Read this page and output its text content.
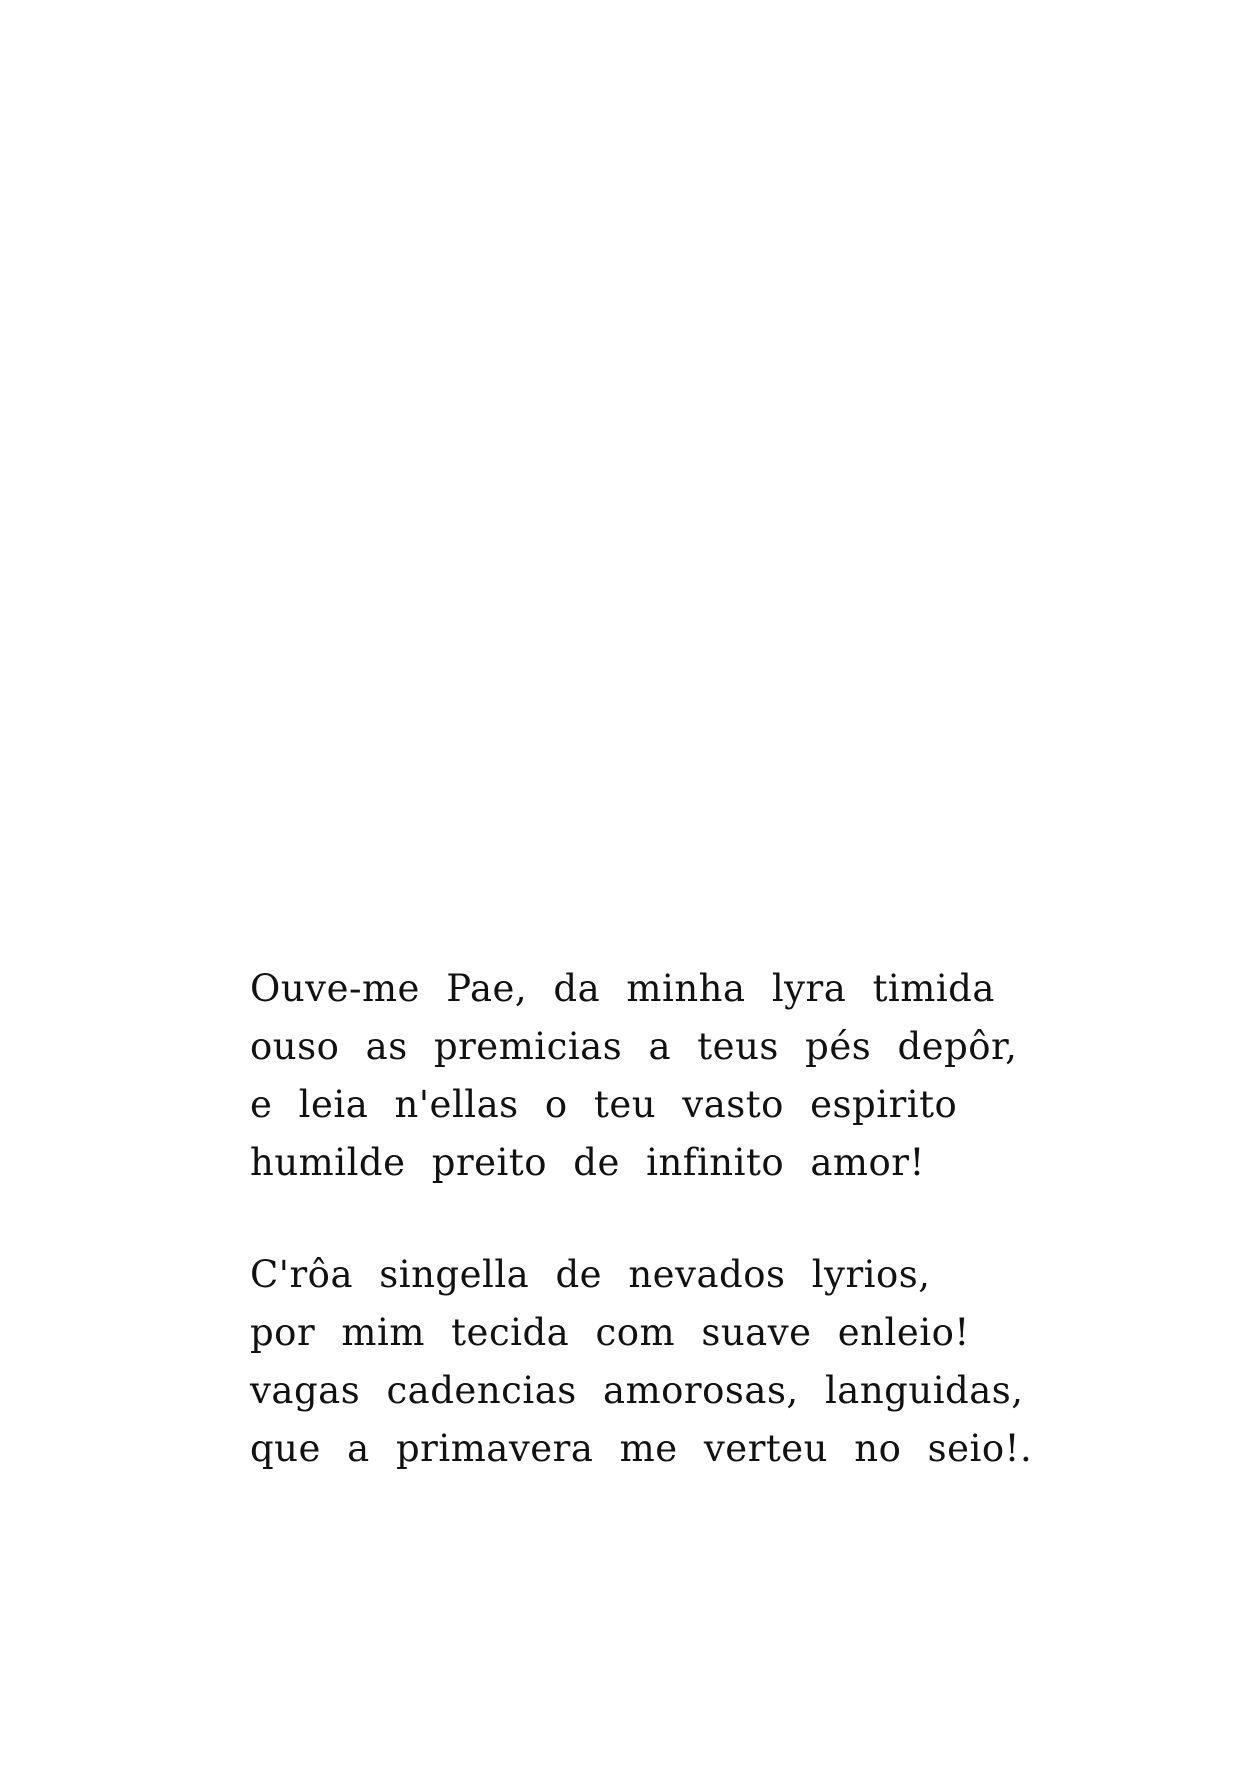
Ouve-me Pae, da minha lyra timida
ouso as premicias a teus pés depôr,
e leia n'ellas o teu vasto espirito
humilde preito de infinito amor!
C'rôa singella de nevados lyrios,
por mim tecida com suave enleio!
vagas cadencias amorosas, languidas,
que a primavera me verteu no seio!.
